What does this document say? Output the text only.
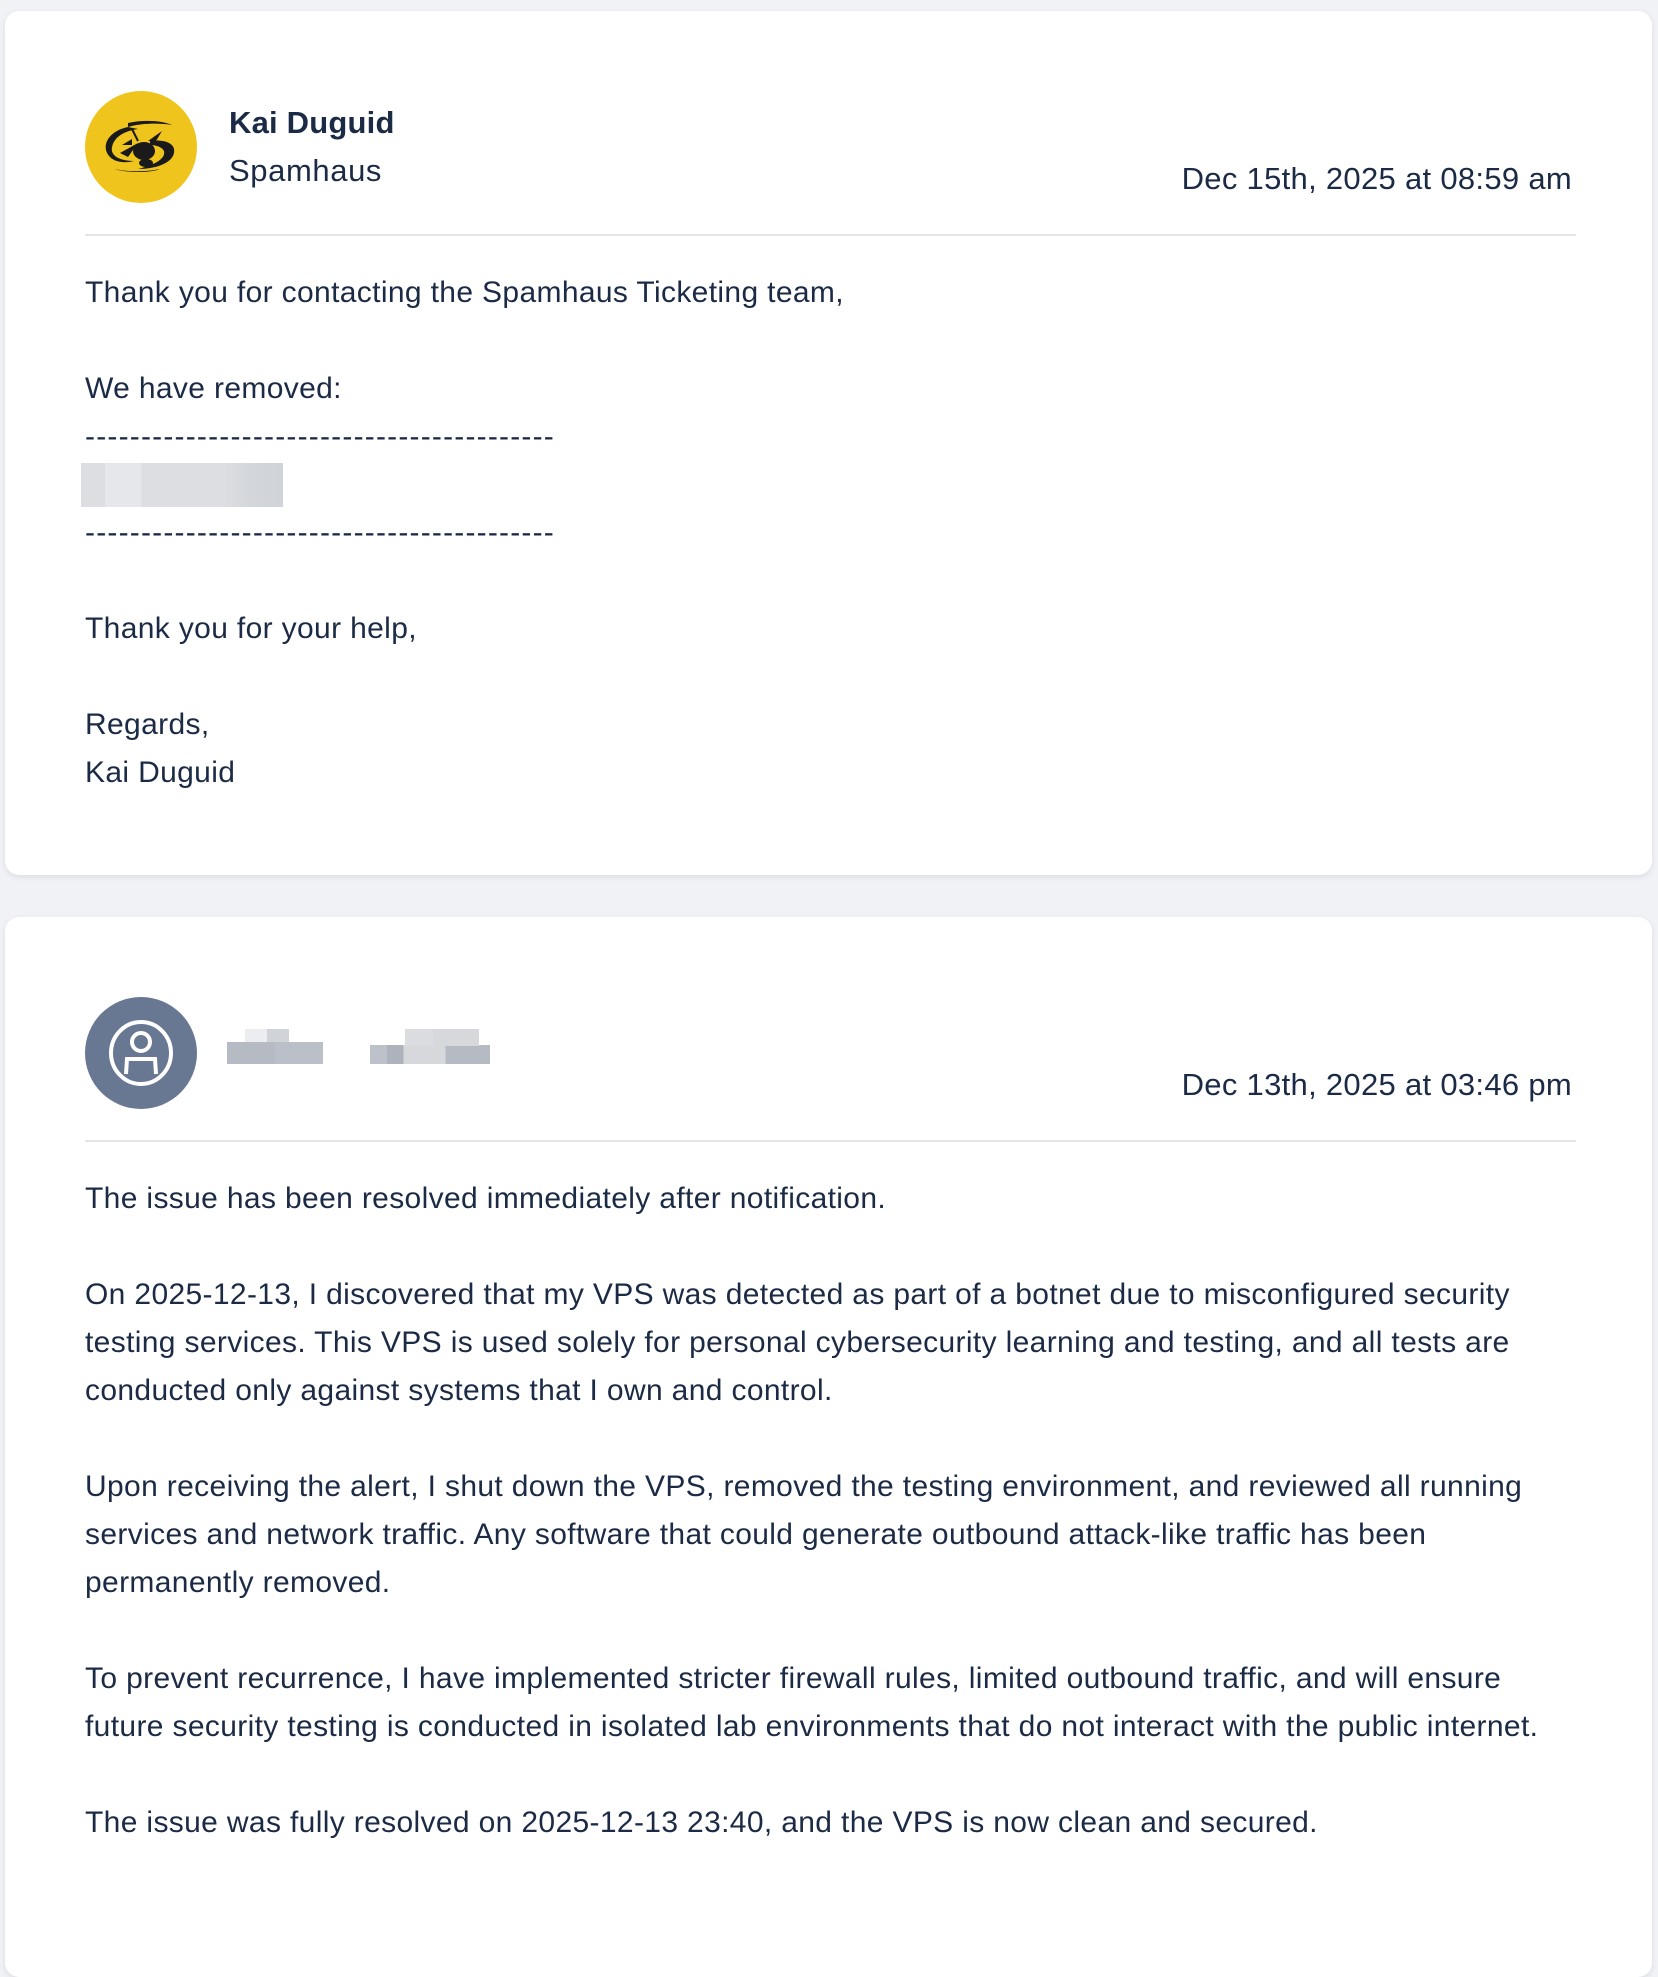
Kai Duguid
Spamhaus	Dec 15th, 2025 at 08:59 am

Thank you for contacting the Spamhaus Ticketing team,

We have removed:

------------------------------------------

------------------------------------------

Thank you for your help,

Regards,

Kai Duguid

Dec 13th, 2025 at 03:46 pm

The issue has been resolved immediately after notification.

On 2025-12-13, I discovered that my VPS was detected as part of a botnet due to misconfigured security testing services. This VPS is used solely for personal cybersecurity learning and testing, and all tests are conducted only against systems that I own and control.

Upon receiving the alert, I shut down the VPS, removed the testing environment, and reviewed all running services and network traffic. Any software that could generate outbound attack-like traffic has been permanently removed.

To prevent recurrence, I have implemented stricter firewall rules, limited outbound traffic, and will ensure future security testing is conducted in isolated lab environments that do not interact with the public internet.

The issue was fully resolved on 2025-12-13 23:40, and the VPS is now clean and secured.
